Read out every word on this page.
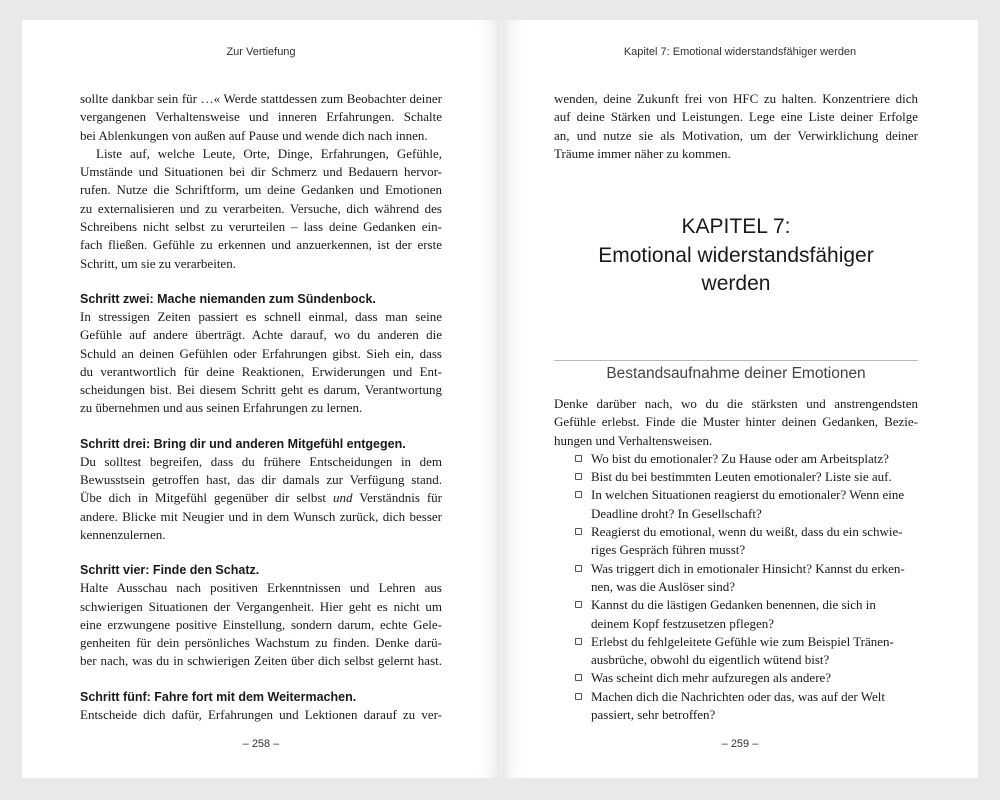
Zur Vertiefung
sollte dankbar sein für …« Werde stattdessen zum Beobachter deiner
vergangenen Verhaltensweise und inneren Erfahrungen. Schalte
bei Ablenkungen von außen auf Pause und wende dich nach innen.
Liste auf, welche Leute, Orte, Dinge, Erfahrungen, Gefühle,
Umstände und Situationen bei dir Schmerz und Bedauern hervor-
rufen. Nutze die Schriftform, um deine Gedanken und Emotionen
zu externalisieren und zu verarbeiten. Versuche, dich während des
Schreibens nicht selbst zu verurteilen – lass deine Gedanken ein-
fach fließen. Gefühle zu erkennen und anzuerkennen, ist der erste
Schritt, um sie zu verarbeiten.
Schritt zwei: Mache niemanden zum Sündenbock.
In stressigen Zeiten passiert es schnell einmal, dass man seine
Gefühle auf andere überträgt. Achte darauf, wo du anderen die
Schuld an deinen Gefühlen oder Erfahrungen gibst. Sieh ein, dass
du verantwortlich für deine Reaktionen, Erwiderungen und Ent-
scheidungen bist. Bei diesem Schritt geht es darum, Verantwortung
zu übernehmen und aus seinen Erfahrungen zu lernen.
Schritt drei: Bring dir und anderen Mitgefühl entgegen.
Du solltest begreifen, dass du frühere Entscheidungen in dem
Bewusstsein getroffen hast, das dir damals zur Verfügung stand.
Übe dich in Mitgefühl gegenüber dir selbst und Verständnis für
andere. Blicke mit Neugier und in dem Wunsch zurück, dich besser
kennenzulernen.
Schritt vier: Finde den Schatz.
Halte Ausschau nach positiven Erkenntnissen und Lehren aus
schwierigen Situationen der Vergangenheit. Hier geht es nicht um
eine erzwungene positive Einstellung, sondern darum, echte Gele-
genheiten für dein persönliches Wachstum zu finden. Denke darü-
ber nach, was du in schwierigen Zeiten über dich selbst gelernt hast.
Schritt fünf: Fahre fort mit dem Weitermachen.
Entscheide dich dafür, Erfahrungen und Lektionen darauf zu ver-
– 258 –
Kapitel 7: Emotional widerstandsfähiger werden
wenden, deine Zukunft frei von HFC zu halten. Konzentriere dich
auf deine Stärken und Leistungen. Lege eine Liste deiner Erfolge
an, und nutze sie als Motivation, um der Verwirklichung deiner
Träume immer näher zu kommen.
KAPITEL 7:
Emotional widerstandsfähiger
werden
Bestandsaufnahme deiner Emotionen
Denke darüber nach, wo du die stärksten und anstrengendsten
Gefühle erlebst. Finde die Muster hinter deinen Gedanken, Bezie-
hungen und Verhaltensweisen.
Wo bist du emotionaler? Zu Hause oder am Arbeitsplatz?
Bist du bei bestimmten Leuten emotionaler? Liste sie auf.
In welchen Situationen reagierst du emotionaler? Wenn eine
Deadline droht? In Gesellschaft?
Reagierst du emotional, wenn du weißt, dass du ein schwie-
riges Gespräch führen musst?
Was triggert dich in emotionaler Hinsicht? Kannst du erken-
nen, was die Auslöser sind?
Kannst du die lästigen Gedanken benennen, die sich in
deinem Kopf festzusetzen pflegen?
Erlebst du fehlgeleitete Gefühle wie zum Beispiel Tränen-
ausbrüche, obwohl du eigentlich wütend bist?
Was scheint dich mehr aufzuregen als andere?
Machen dich die Nachrichten oder das, was auf der Welt
passiert, sehr betroffen?
– 259 –
